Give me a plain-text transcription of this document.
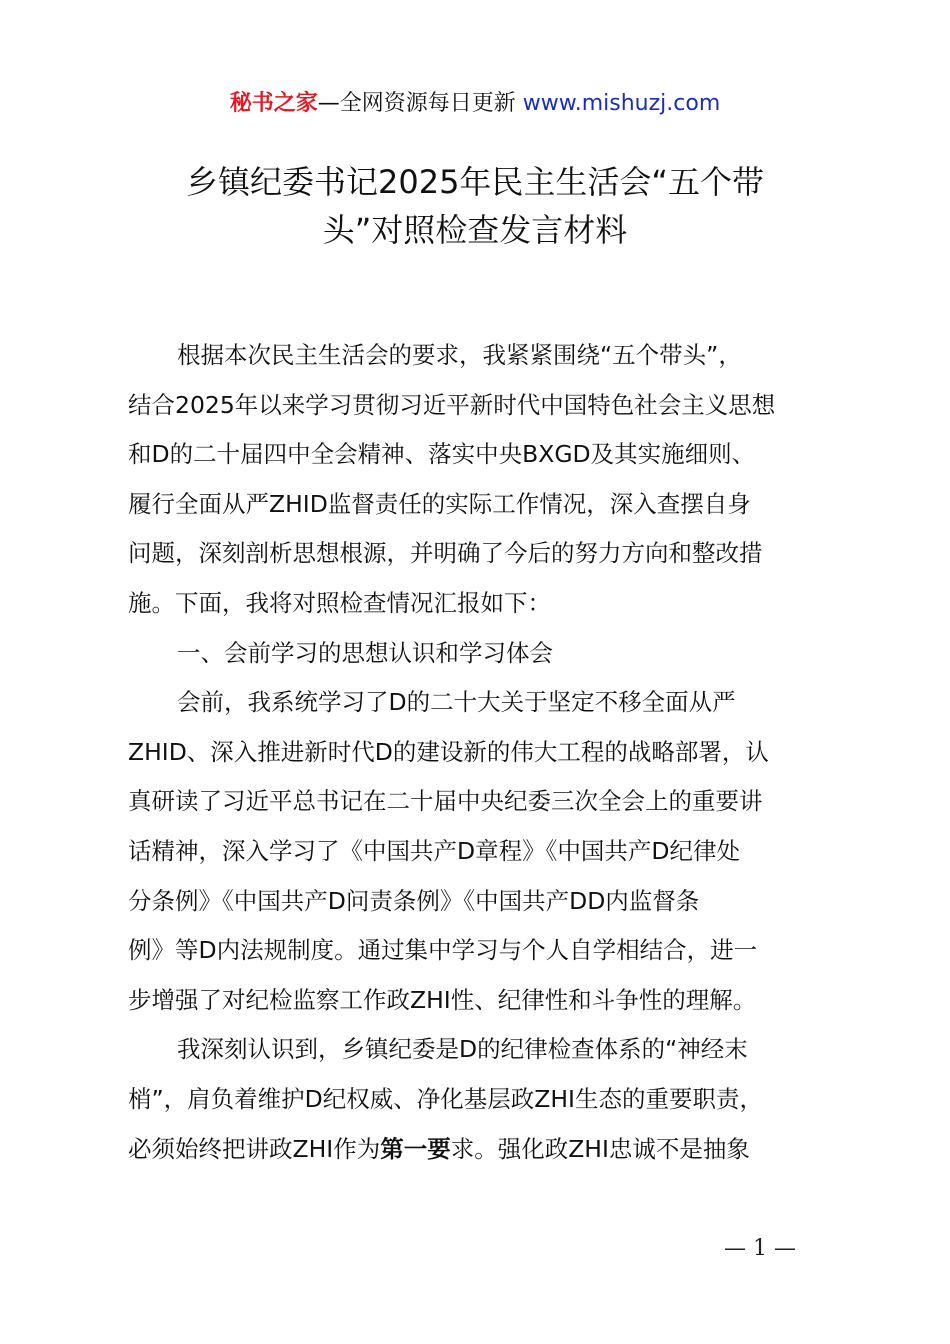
秘书之家—全网资源每日更新 www.mishuzj.com
乡镇纪委书记2025年民主生活会“五个带
头”对照检查发言材料

根据本次民主生活会的要求，我紧紧围绕“五个带头”，
结合2025年以来学习贯彻习近平新时代中国特色社会主义思想
和D的二十届四中全会精神、落实中央BXGD及其实施细则、
履行全面从严ZHID监督责任的实际工作情况，深入查摆自身
问题，深刻剖析思想根源，并明确了今后的努力方向和整改措
施。下面，我将对照检查情况汇报如下：

一、会前学习的思想认识和学习体会

会前，我系统学习了D的二十大关于坚定不移全面从严
ZHID、深入推进新时代D的建设新的伟大工程的战略部署，认
真研读了习近平总书记在二十届中央纪委三次全会上的重要讲
话精神，深入学习了《中国共产D章程》《中国共产D纪律处
分条例》《中国共产D问责条例》《中国共产DD内监督条
例》等D内法规制度。通过集中学习与个人自学相结合，进一
步增强了对纪检监察工作政ZHI性、纪律性和斗争性的理解。

我深刻认识到，乡镇纪委是D的纪律检查体系的“神经末
梢”，肩负着维护D纪权威、净化基层政ZHI生态的重要职责，
必须始终把讲政ZHI作为第一要求。强化政ZHI忠诚不是抽象

— 1 —
